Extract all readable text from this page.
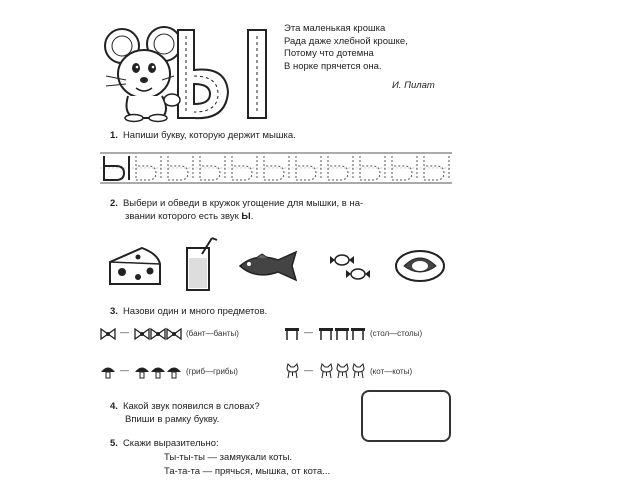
Эта маленькая крошка
Рада даже хлебной крошке,
Потому что дотемна
В норке прячется она.
И. Пилат
1. Напиши букву, которую держит мышка.
2. Выбери и обведи в кружок угощение для мышки, в на-
звании которого есть звук Ы.
3. Назови один и много предметов.
—	(бант—банты)	—	(стол—столы)
—	(гриб—грибы)	—	(кот—коты)
4. Какой звук появился в словах?
Впиши в рамку букву.
5. Скажи выразительно:
Ты-ты-ты — замяукали коты.
Та-та-та — прячься, мышка, от кота...
